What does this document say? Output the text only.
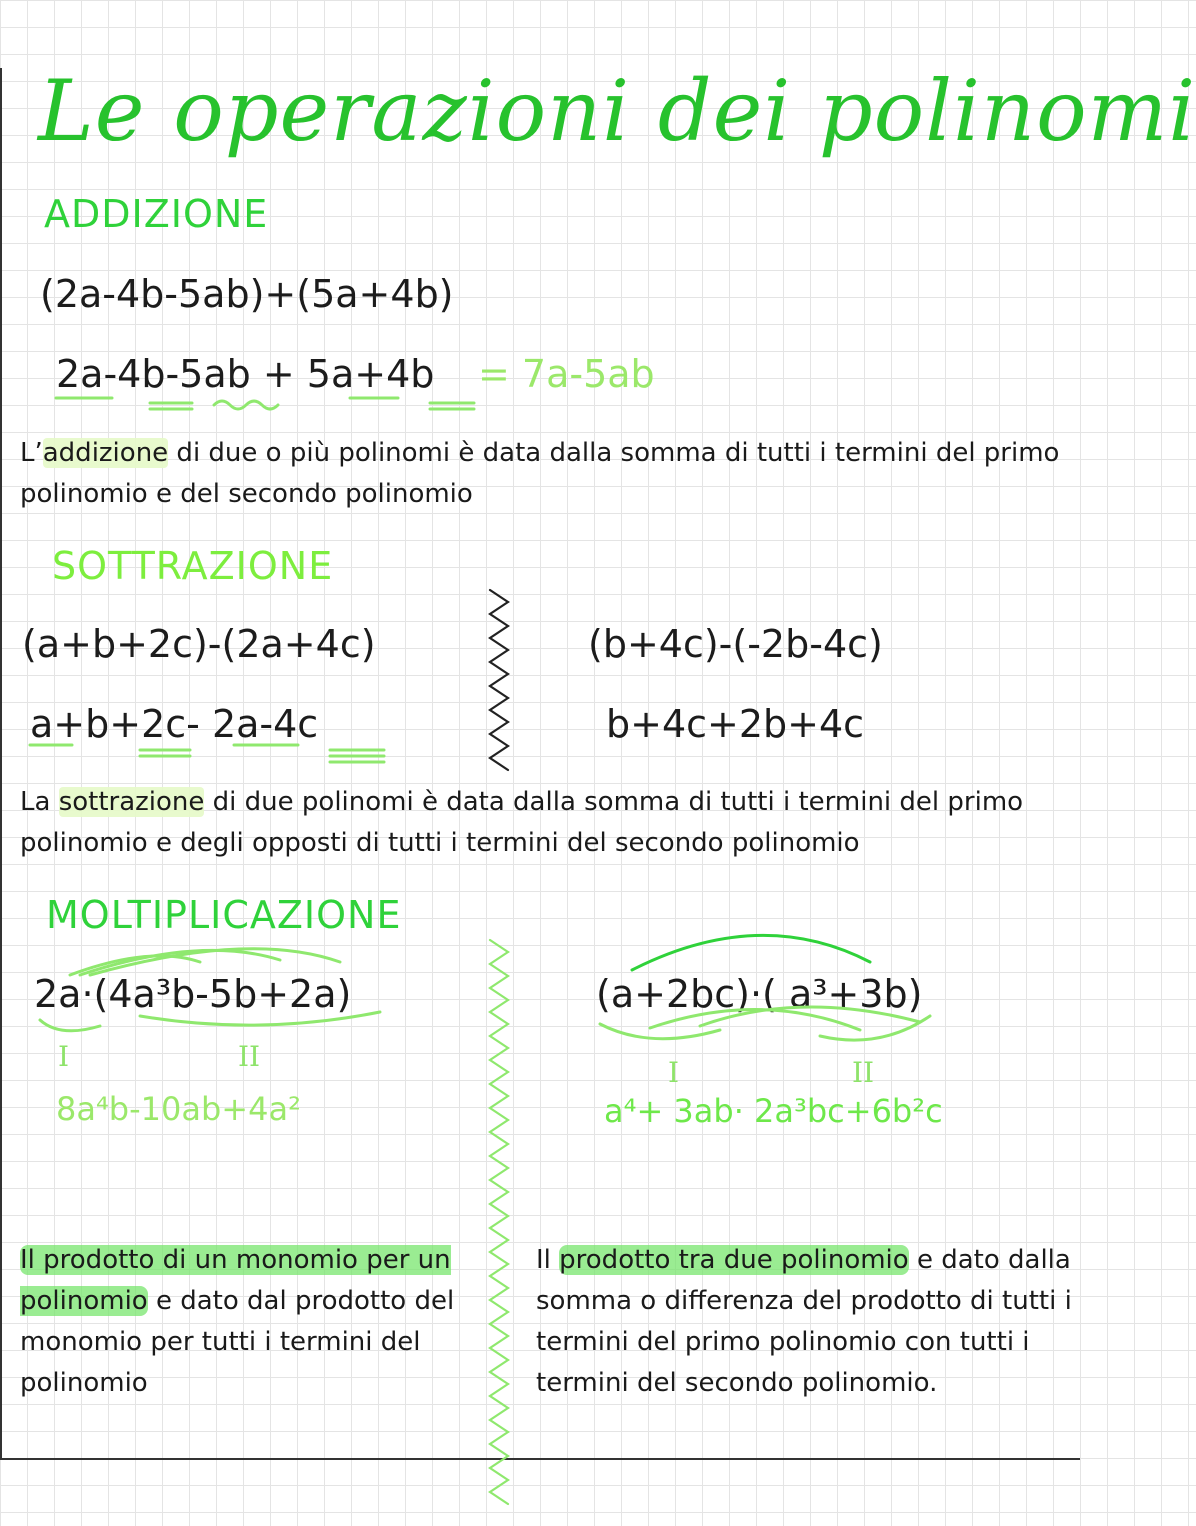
Le operazioni dei polinomi
ADDIZIONE
(2a-4b-5ab)+(5a+4b)
2a-4b-5ab + 5a+4b = 7a-5ab
L’addizione di due o più polinomi è data dalla somma di tutti i termini del primo polinomio e del secondo polinomio
SOTTRAZIONE
(a+b+2c)-(2a+4c)
a+b+2c- 2a-4c
(b+4c)-(-2b-4c)
b+4c+2b+4c
La sottrazione di due polinomi è data dalla somma di tutti i termini del primo polinomio e degli opposti di tutti i termini del secondo polinomio
MOLTIPLICAZIONE
2a·(4a³b-5b+2a)
I	II
8a⁴b-10ab+4a²
(a+2bc)·( a³+3b)
I	II
a⁴+ 3ab· 2a³bc+6b²c
Il prodotto di un monomio per un polinomio e dato dal prodotto del monomio per tutti i termini del polinomio
Il prodotto tra due polinomio e dato dalla somma o differenza del prodotto di tutti i termini del primo polinomio con tutti i termini del secondo polinomio.
